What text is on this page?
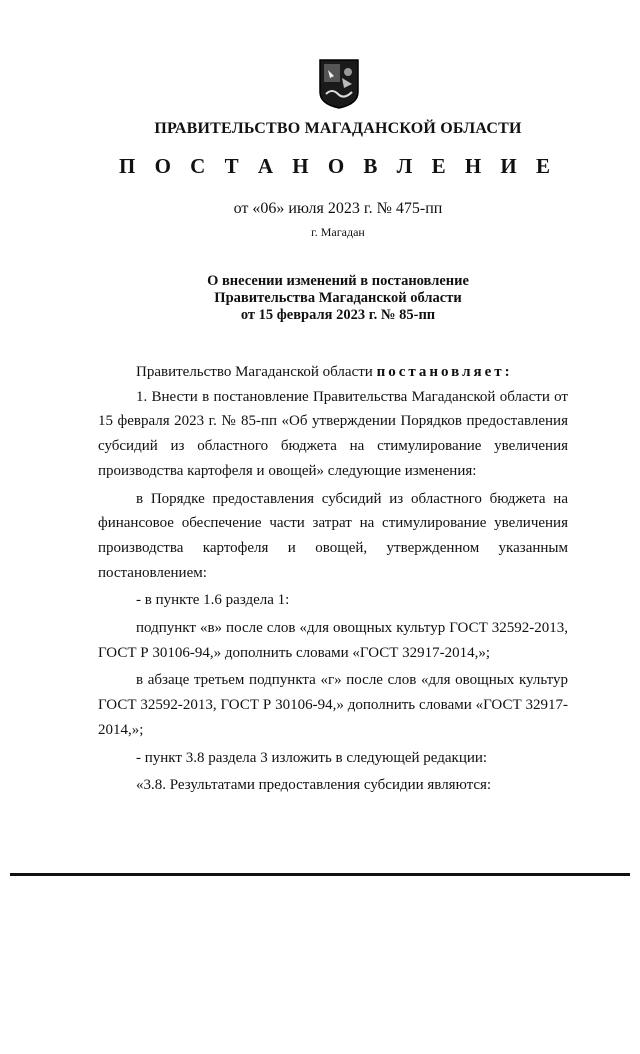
ПРАВИТЕЛЬСТВО МАГАДАНСКОЙ ОБЛАСТИ
П О С Т А Н О В Л Е Н И Е
от «06» июля 2023 г. № 475-пп
г. Магадан
О внесении изменений в постановление
Правительства Магаданской области
от 15 февраля 2023 г. № 85-пп

Правительство Магаданской области постановляет:

1. Внести в постановление Правительства Магаданской области от 15 февраля 2023 г. № 85-пп «Об утверждении Порядков предоставления субсидий из областного бюджета на стимулирование увеличения производства картофеля и овощей» следующие изменения:

в Порядке предоставления субсидий из областного бюджета на финансовое обеспечение части затрат на стимулирование увеличения производства картофеля и овощей, утвержденном указанным постановлением:

- в пункте 1.6 раздела 1:

подпункт «в» после слов «для овощных культур ГОСТ 32592-2013, ГОСТ Р 30106-94,» дополнить словами «ГОСТ 32917-2014,»;

в абзаце третьем подпункта «г» после слов «для овощных культур ГОСТ 32592-2013, ГОСТ Р 30106-94,» дополнить словами «ГОСТ 32917-2014,»;

- пункт 3.8 раздела 3 изложить в следующей редакции:

«3.8. Результатами предоставления субсидии являются:
